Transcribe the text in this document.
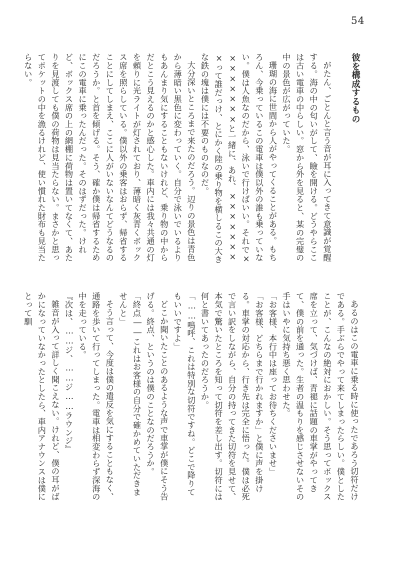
54
彼を構成するもの

がたん、ごとんと言う音が耳に入ってきて意識が覚醒する。海の中の匂いがして、瞼を開ける。どうやらここは古い電車の中らしい。窓から外を見ると、某の完璧の中の景色が広がっていた。
珊瑚の海に世間から人がやってくることがある。もちろん、今乗っているこの電車は僕以外の誰も乗っていない。僕は人魚なのだから、泳いで行けばいい。それで××××××××と一緒に、あれ、××××××××って誰だっけ、とにかく陸の乗り物を横しるこの大きな鉄の塊は僕には不要のものなのだ。
大分深いところまで来たのだろう。辺りの景色は青色から薄暗い黒色に変わっていく。自分で泳いでいるよりもあんまり気にすることもないけれど、乗り物の中からだとこう見えるのかと感心した。車内には我々共通の灯を頼りに光ライトが灯されており、薄暗く灰青くボックス席を照らしている。僕以外の乗客はおらず、帰省することにしてしまえ、ここに人がいないなんてどうなるのだろうか。と首を傾げる。そう、確か僕は帰省するためにこの電車に乗ったんだった。そのはずだった。けれど、ボックス席の上の網棚に荷物は置いてなくて、あたりを見渡しても僕の荷物は見当たらない。まさかと思ってポケットの中を漁るけれど、使い慣れた財布も見当たらない。
あるのはこの電車に乗る時に使ったであろう切符だけである。手ぶらでやって来てしまったらしい。僕としたことが、こんなの絶対におかしい。そう思ってボックス席を立って、気づけば、青褪に話題の車掌がやってきて、僕の前を通った。生者の温もりを感じさせないその手はいやに気持ち悪く思わせた。
「お客様、本行中は座ってお待ちくださいませ」
「お客様、どちらまで行かれますか」と僕に声を掛ける。車掌の対応から、行き先は完全に悟った。僕は必死で言い訳をしながら、自分の持ってきた切符を見せて、本気で驚いたところを知って切符を差し出す。切符には何と書いてあったのだろうか。
「……鳴呼、これは特別な切符ですね。どこで降りてもいいですよ」
どこか聞いたことのあるような声で車掌が僕にそう告げる。終点、というのは僕のことなのだろうか。
「終点――これはお客様の自分で確かめていただきませんと」
そう言って、今度は僕の遣反を気にすることもなく、通路を歩いて行ってしまった。電車は相変わらず深海の中を走っている。
『次は、……ジ、……ジ……ラウンジ』
雑音が入って詳しく聞こえない。けれど、僕の耳がばかになっていなかったとしたら、車内アナウンスは僕にとって馴
